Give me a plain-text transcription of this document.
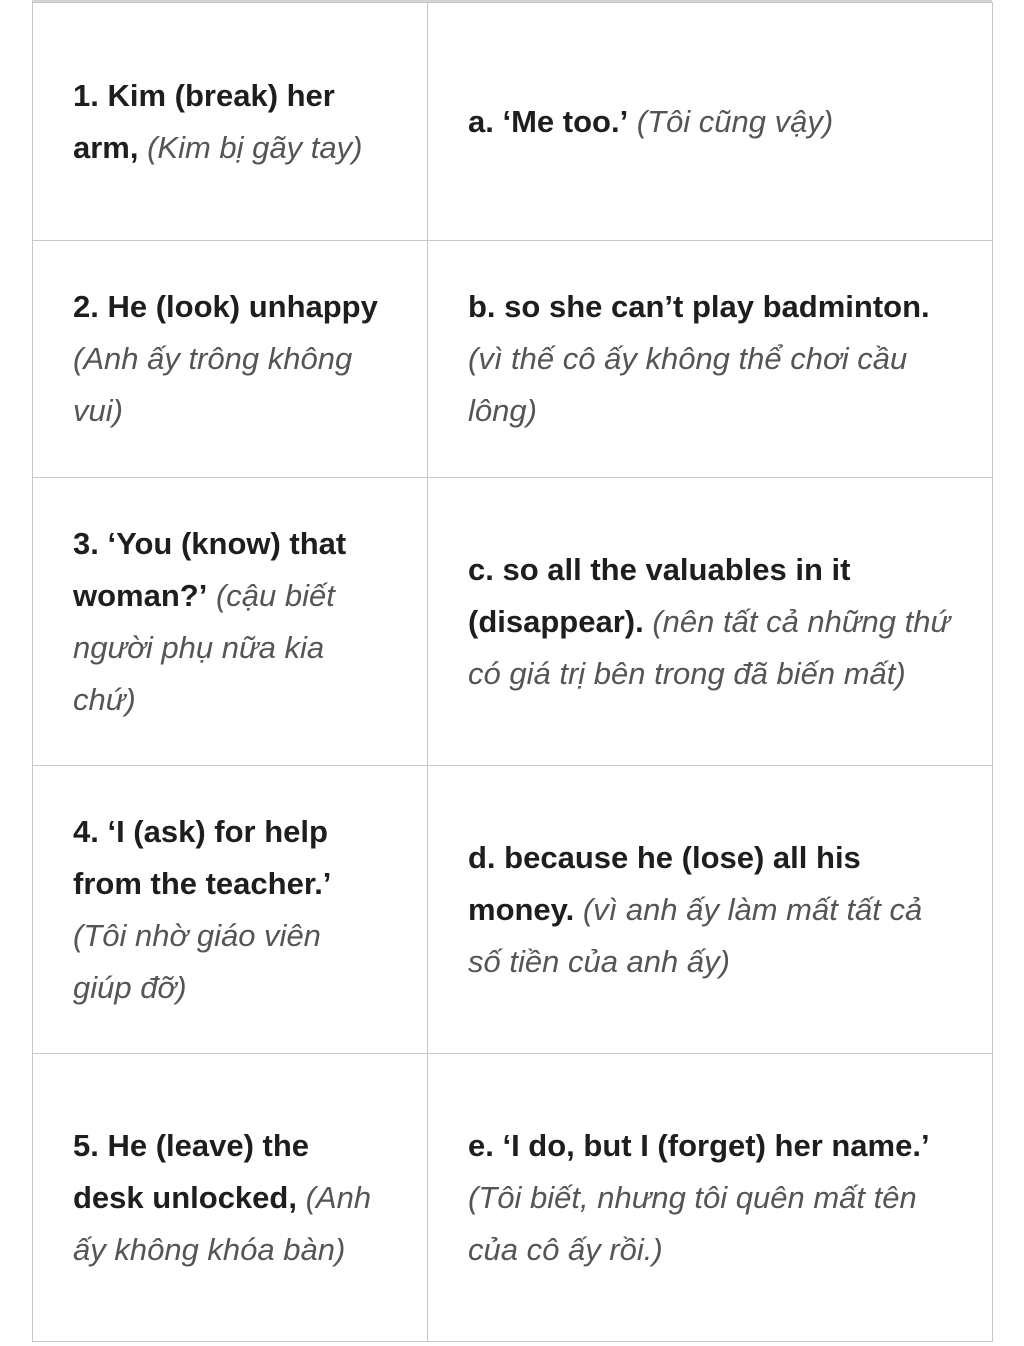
1. Kim (break) her arm, (Kim bị gãy tay)	a. ‘Me too.’ (Tôi cũng vậy)

2. He (look) unhappy (Anh ấy trông không vui)	b. so she can’t play badminton. (vì thế cô ấy không thể chơi cầu lông)

3. ‘You (know) that woman?’ (cậu biết người phụ nữa kia chứ)	c. so all the valuables in it (disappear). (nên tất cả những thứ có giá trị bên trong đã biến mất)

4. ‘I (ask) for help from the teacher.’ (Tôi nhờ giáo viên giúp đỡ)	d. because he (lose) all his money. (vì anh ấy làm mất tất cả số tiền của anh ấy)

5. He (leave) the desk unlocked, (Anh ấy không khóa bàn)	e. ‘I do, but I (forget) her name.’ (Tôi biết, nhưng tôi quên mất tên của cô ấy rồi.)
